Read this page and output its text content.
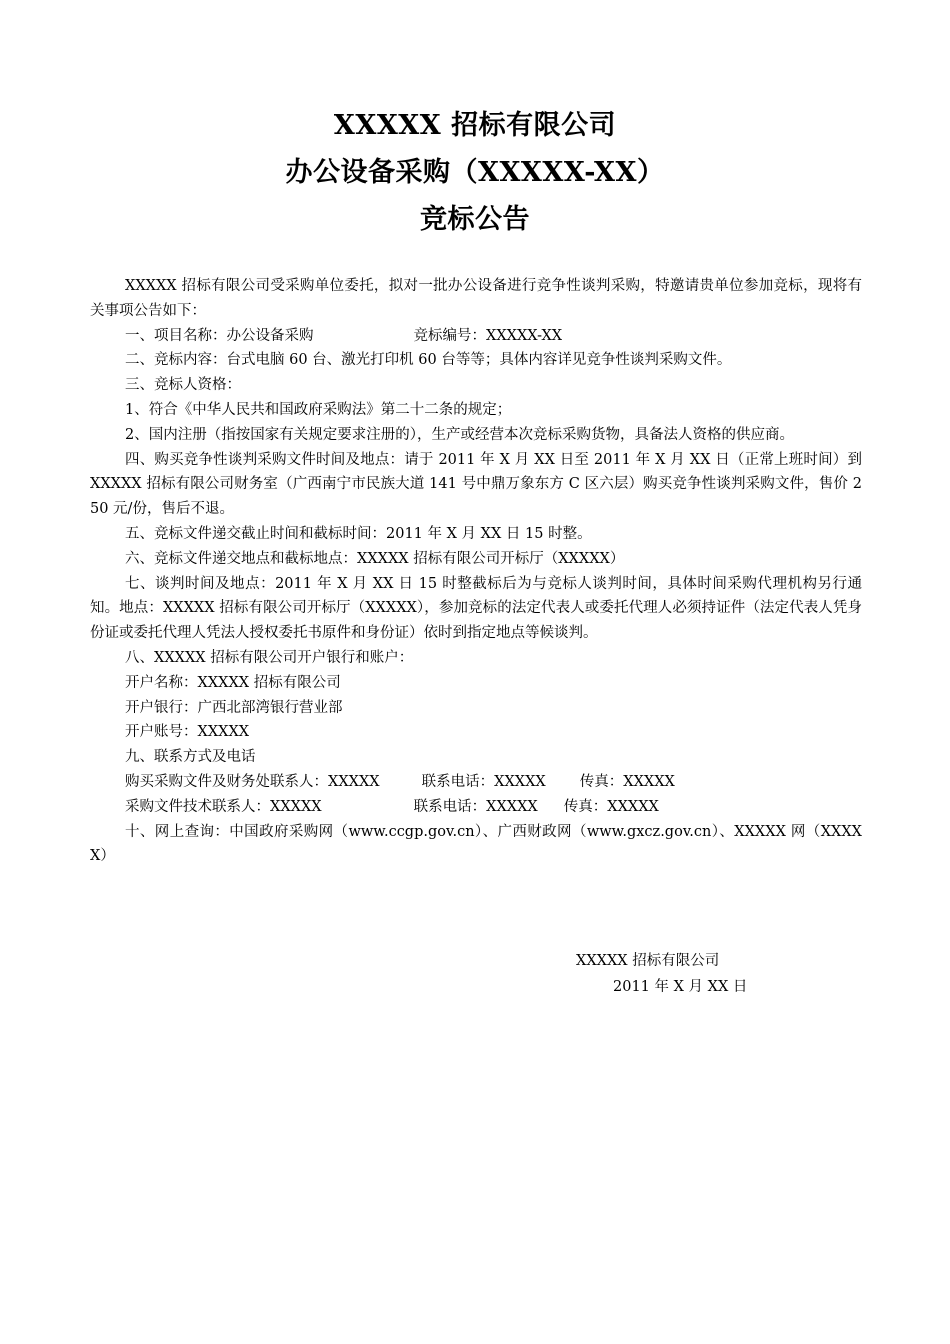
XXXXX 招标有限公司
办公设备采购（XXXXX-XX）
竞标公告

XXXXX 招标有限公司受采购单位委托，拟对一批办公设备进行竞争性谈判采购，特邀请贵单位参加竞标，现将有关事项公告如下：

一、项目名称：办公设备采购	竞标编号：XXXXX-XX

二、竞标内容：台式电脑 60 台、激光打印机 60 台等等；具体内容详见竞争性谈判采购文件。

三、竞标人资格：

1、符合《中华人民共和国政府采购法》第二十二条的规定；

2、国内注册（指按国家有关规定要求注册的），生产或经营本次竞标采购货物，具备法人资格的供应商。

四、购买竞争性谈判采购文件时间及地点：请于 2011 年 X 月 XX 日至 2011 年 X 月 XX 日（正常上班时间）到 XXXXX 招标有限公司财务室（广西南宁市民族大道 141 号中鼎万象东方 C 区六层）购买竞争性谈判采购文件，售价 250 元/份，售后不退。

五、竞标文件递交截止时间和截标时间：2011 年 X 月 XX 日 15 时整。

六、竞标文件递交地点和截标地点：XXXXX 招标有限公司开标厅（XXXXX）

七、谈判时间及地点：2011 年 X 月 XX 日 15 时整截标后为与竞标人谈判时间，具体时间采购代理机构另行通知。地点：XXXXX 招标有限公司开标厅（XXXXX），参加竞标的法定代表人或委托代理人必须持证件（法定代表人凭身份证或委托代理人凭法人授权委托书原件和身份证）依时到指定地点等候谈判。

八、XXXXX 招标有限公司开户银行和账户：

开户名称：XXXXX 招标有限公司

开户银行：广西北部湾银行营业部

开户账号：XXXXX

九、联系方式及电话

购买采购文件及财务处联系人：XXXXX	联系电话：XXXXX 传真：XXXXX

采购文件技术联系人：XXXXX	联系电话：XXXXX 传真：XXXXX

十、网上查询：中国政府采购网（www.ccgp.gov.cn）、广西财政网（www.gxcz.gov.cn）、XXXXX 网（XXXXX）

XXXXX 招标有限公司
2011 年 X 月 XX 日
